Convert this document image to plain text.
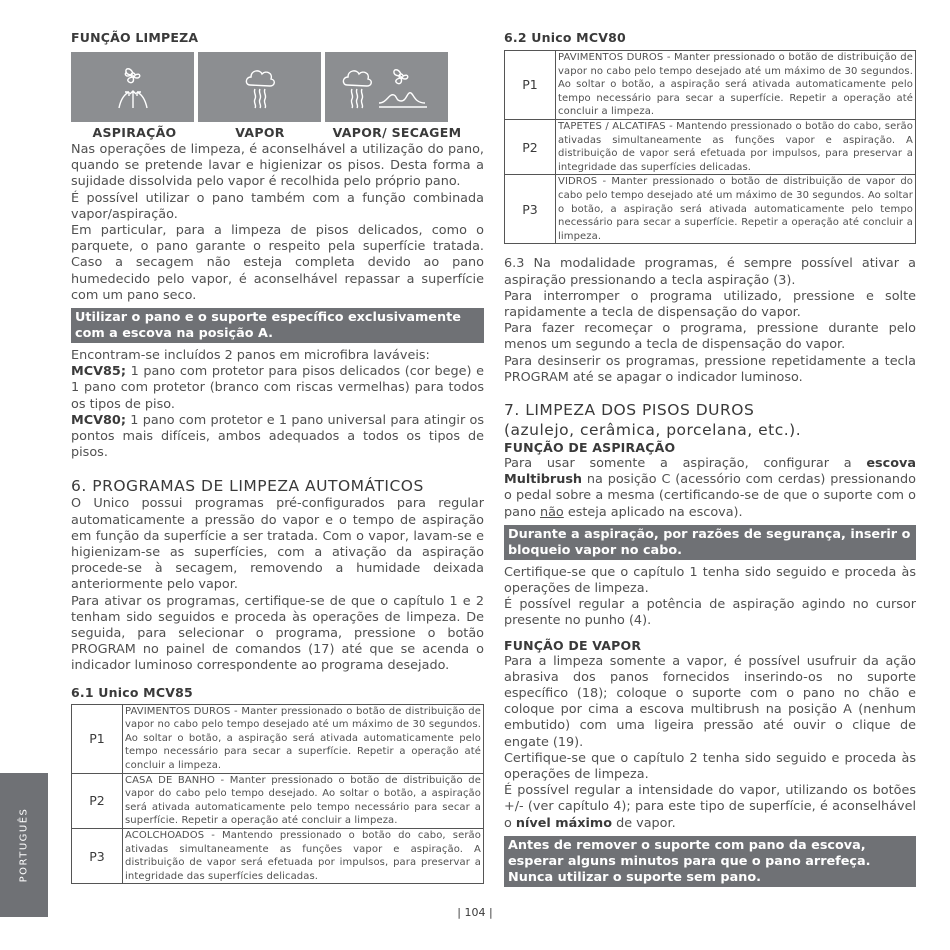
FUNÇÃO LIMPEZA
ASPIRAÇÃO	VAPOR	VAPOR/ SECAGEM

Nas operações de limpeza, é aconselhável a utilização do pano, quando se pretende lavar e higienizar os pisos. Desta forma a sujidade dissolvida pelo vapor é recolhida pelo próprio pano.

É possível utilizar o pano também com a função combinada vapor/aspiração.

Em particular, para a limpeza de pisos delicados, como o parquete, o pano garante o respeito pela superfície tratada. Caso a secagem não esteja completa devido ao pano humedecido pelo vapor, é aconselhável repassar a superfície com um pano seco.

Utilizar o pano e o suporte específico exclusivamente com a escova na posição A.

Encontram-se incluídos 2 panos em microfibra laváveis:

MCV85; 1 pano com protetor para pisos delicados (cor bege) e 1 pano com protetor (branco com riscas vermelhas) para todos os tipos de piso.

MCV80; 1 pano com protetor e 1 pano universal para atingir os pontos mais difíceis, ambos adequados a todos os tipos de pisos.

6. PROGRAMAS DE LIMPEZA AUTOMÁTICOS

O Unico possui programas pré-configurados para regular automaticamente a pressão do vapor e o tempo de aspiração em função da superfície a ser tratada. Com o vapor, lavam-se e higienizam-se as superfícies, com a ativação da aspiração procede-se à secagem, removendo a humidade deixada anteriormente pelo vapor.

Para ativar os programas, certifique-se de que o capítulo 1 e 2 tenham sido seguidos e proceda às operações de limpeza. De seguida, para selecionar o programa, pressione o botão PROGRAM no painel de comandos (17) até que se acenda o indicador luminoso correspondente ao programa desejado.

6.1 Unico MCV85
P1	PAVIMENTOS DUROS - Manter pressionado o botão de distribuição de vapor no cabo pelo tempo desejado até um máximo de 30 segundos. Ao soltar o botão, a aspiração será ativada automaticamente pelo tempo necessário para secar a superfície. Repetir a operação até concluir a limpeza.
P2	CASA DE BANHO - Manter pressionado o botão de distribuição de vapor do cabo pelo tempo desejado. Ao soltar o botão, a aspiração será ativada automaticamente pelo tempo necessário para secar a superfície. Repetir a operação até concluir a limpeza.
P3	ACOLCHOADOS - Mantendo pressionado o botão do cabo, serão ativadas simultaneamente as funções vapor e aspiração. A distribuição de vapor será efetuada por impulsos, para preservar a integridade das superfícies delicadas.
6.2 Unico MCV80
P1	PAVIMENTOS DUROS - Manter pressionado o botão de distribuição de vapor no cabo pelo tempo desejado até um máximo de 30 segundos. Ao soltar o botão, a aspiração será ativada automaticamente pelo tempo necessário para secar a superfície. Repetir a operação até concluir a limpeza.
P2	TAPETES / ALCATIFAS - Mantendo pressionado o botão do cabo, serão ativadas simultaneamente as funções vapor e aspiração. A distribuição de vapor será efetuada por impulsos, para preservar a integridade das superfícies delicadas.
P3	VIDROS - Manter pressionado o botão de distribuição de vapor do cabo pelo tempo desejado até um máximo de 30 segundos. Ao soltar o botão, a aspiração será ativada automaticamente pelo tempo necessário para secar a superfície. Repetir a operação até concluir a limpeza.

6.3 Na modalidade programas, é sempre possível ativar a aspiração pressionando a tecla aspiração (3).

Para interromper o programa utilizado, pressione e solte rapidamente a tecla de dispensação do vapor.

Para fazer recomeçar o programa, pressione durante pelo menos um segundo a tecla de dispensação do vapor.

Para desinserir os programas, pressione repetidamente a tecla PROGRAM até se apagar o indicador luminoso.

7. LIMPEZA DOS PISOS DUROS
(azulejo, cerâmica, porcelana, etc.).
FUNÇÃO DE ASPIRAÇÃO

Para usar somente a aspiração, configurar a escova Multibrush na posição C (acessório com cerdas) pressionando o pedal sobre a mesma (certificando-se de que o suporte com o pano não esteja aplicado na escova).

Durante a aspiração, por razões de segurança, inserir o bloqueio vapor no cabo.

Certifique-se que o capítulo 1 tenha sido seguido e proceda às operações de limpeza.

É possível regular a potência de aspiração agindo no cursor presente no punho (4).

FUNÇÃO DE VAPOR

Para a limpeza somente a vapor, é possível usufruir da ação abrasiva dos panos fornecidos inserindo-os no suporte específico (18); coloque o suporte com o pano no chão e coloque por cima a escova multibrush na posição A (nenhum embutido) com uma ligeira pressão até ouvir o clique de engate (19).

Certifique-se que o capítulo 2 tenha sido seguido e proceda às operações de limpeza.

É possível regular a intensidade do vapor, utilizando os botões +/- (ver capítulo 4); para este tipo de superfície, é aconselhável o nível máximo de vapor.

Antes de remover o suporte com pano da escova, esperar alguns minutos para que o pano arrefeça. Nunca utilizar o suporte sem pano.
PORTUGUÊS
| 104 |
